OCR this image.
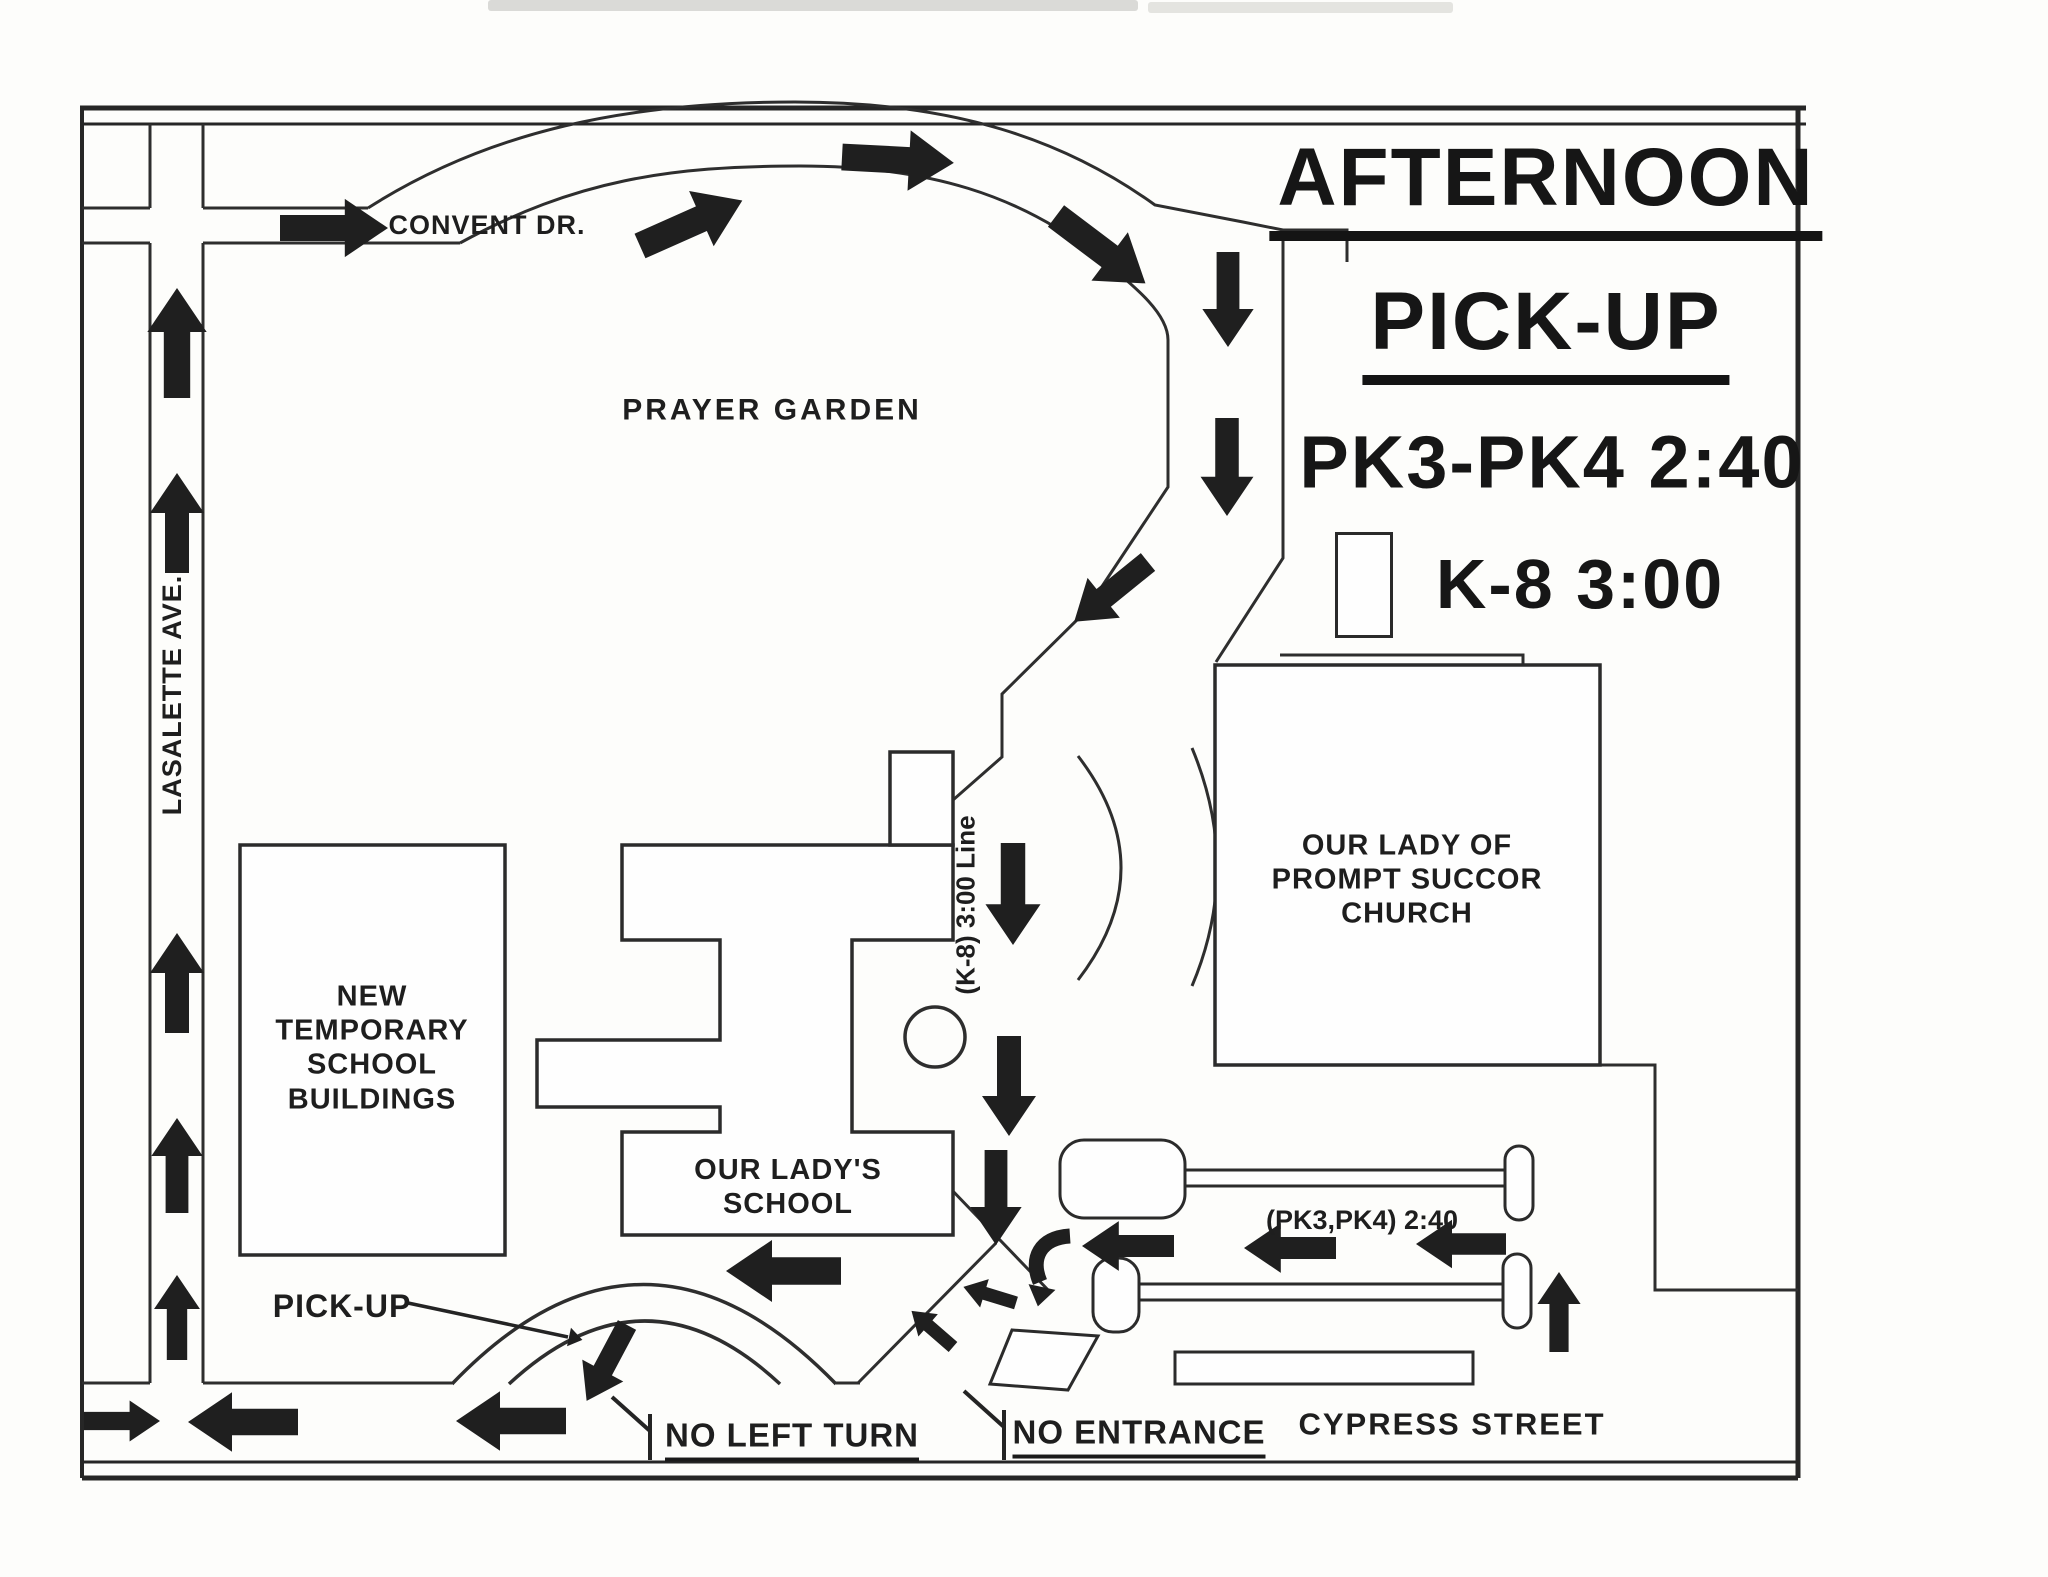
AFTERNOON
PICK-UP
PK3-PK4 2:40
K-8 3:00
CONVENT DR.
LASALETTE AVE.
CYPRESS STREET
PRAYER GARDEN
NEW
TEMPORARY
SCHOOL
BUILDINGS
OUR LADY'S
SCHOOL
OUR LADY OF
PROMPT SUCCOR
CHURCH
(K-8) 3:00 Line
(PK3,PK4) 2:40
PICK-UP
NO LEFT TURN	NO ENTRANCE
